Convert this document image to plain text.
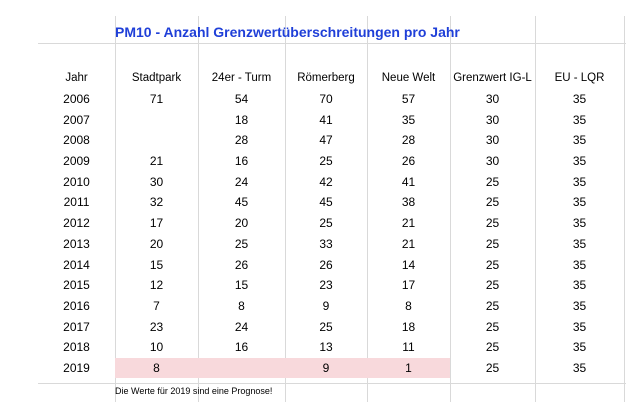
PM10 - Anzahl Grenzwertüberschreitungen pro Jahr
Jahr	Stadtpark	24er - Turm	Römerberg	Neue Welt	Grenzwert IG-L	EU - LQR
2006	71	54	70	57	30	35
2007		18	41	35	30	35
2008		28	47	28	30	35
2009	21	16	25	26	30	35
2010	30	24	42	41	25	35
2011	32	45	45	38	25	35
2012	17	20	25	21	25	35
2013	20	25	33	21	25	35
2014	15	26	26	14	25	35
2015	12	15	23	17	25	35
2016	7	8	9	8	25	35
2017	23	24	25	18	25	35
2018	10	16	13	11	25	35
2019	8		9	1	25	35
Die Werte für 2019 sind eine Prognose!
